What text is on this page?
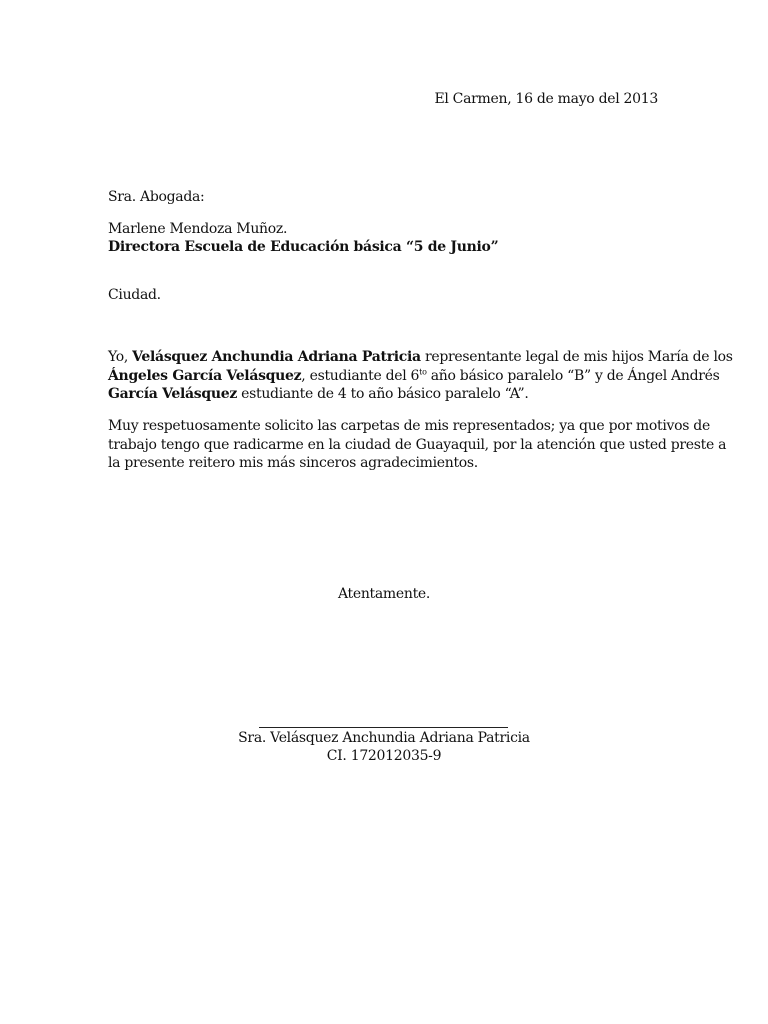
El Carmen, 16 de mayo del 2013
Sra. Abogada:
Marlene Mendoza Muñoz.
Directora Escuela de Educación básica “5 de Junio”
Ciudad.
Yo, Velásquez Anchundia Adriana Patricia representante legal de mis hijos María de los
Ángeles García Velásquez, estudiante del $6^{to}$ año básico paralelo “B” y de Ángel Andrés
García Velásquez estudiante de 4 to año básico paralelo “A”.
Muy respetuosamente solicito las carpetas de mis representados; ya que por motivos de
trabajo tengo que radicarme en la ciudad de Guayaquil, por la atención que usted preste a
la presente reitero mis más sinceros agradecimientos.
Atentamente.
Sra. Velásquez Anchundia Adriana Patricia
CI. 172012035-9
